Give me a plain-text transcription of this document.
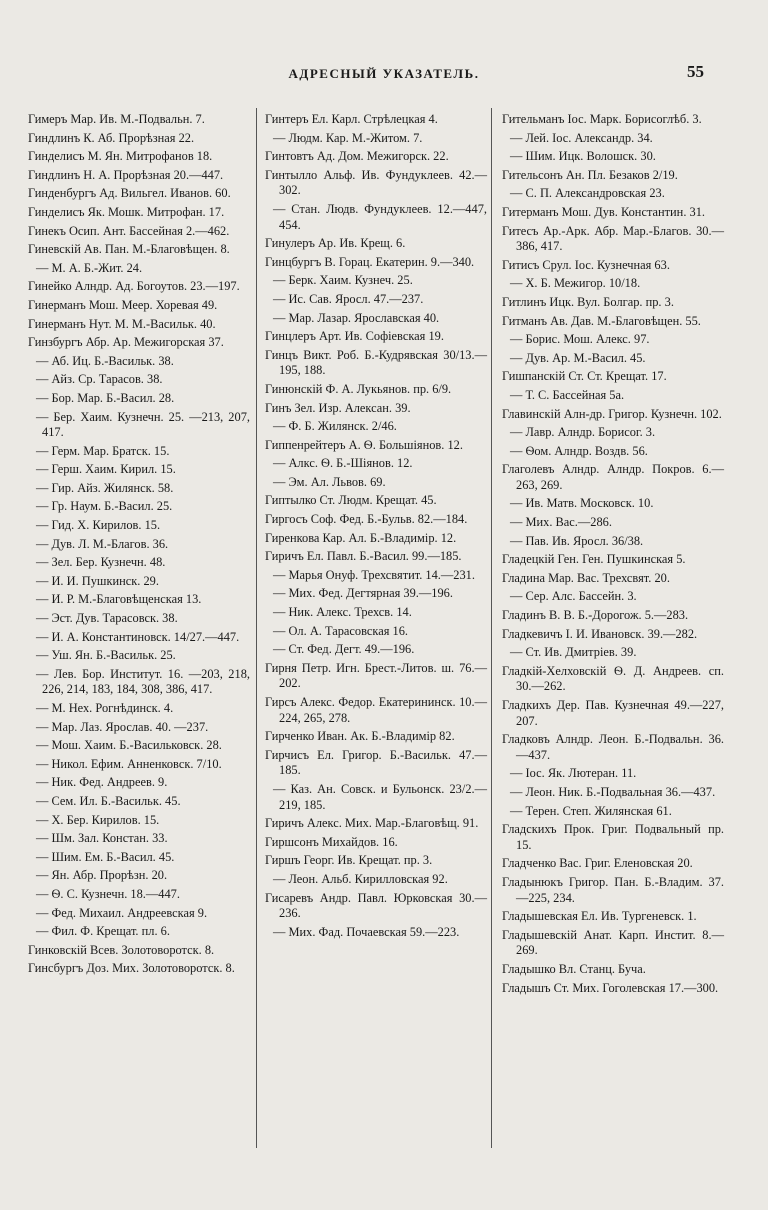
АДРЕСНЫЙ УКАЗАТЕЛЬ.	55
Гимеръ Мар. Ив. М.-Подвальн. 7.
Гиндлинъ К. Аб. Прорѣзная 22.
Гинделисъ М. Ян. Митрофанов 18.
Гиндлинъ Н. А. Прорѣзная 20.—447.
Гинденбургъ Ад. Вильгел. Иванов. 60.
Гинделисъ Як. Мошк. Митрофан. 17.
Гинекъ Осип. Ант. Бассейная 2.—462.
Гиневскій Ав. Пан. М.-Благовѣщен. 8.
— М. А. Б.-Жит. 24.
Гинейко Алндр. Ад. Богоутов. 23.—197.
Гинерманъ Мош. Меер. Хоревая 49.
Гинерманъ Нут. М. М.-Васильк. 40.
Гинзбургъ Абр. Ар. Межигорская 37.
— Аб. Иц. Б.-Васильк. 38.
— Айз. Ср. Тарасов. 38.
— Бор. Мар. Б.-Васил. 28.
— Бер. Хаим. Кузнечн. 25. —213, 207, 417.
— Герм. Мар. Братск. 15.
— Герш. Хаим. Кирил. 15.
— Гир. Айз. Жилянск. 58.
— Гр. Наум. Б.-Васил. 25.
— Гид. Х. Кирилов. 15.
— Дув. Л. М.-Благов. 36.
— Зел. Бер. Кузнечн. 48.
— И. И. Пушкинск. 29.
— И. Р. М.-Благовѣщенская 13.
— Эст. Дув. Тарасовск. 38.
— И. А. Константиновск. 14/27.—447.
— Уш. Ян. Б.-Васильк. 25.
— Лев. Бор. Институт. 16. —203, 218, 226, 214, 183, 184, 308, 386, 417.
— М. Нех. Рогнѣдинск. 4.
— Мар. Лаз. Ярослав. 40. —237.
— Мош. Хаим. Б.-Васильковск. 28.
— Никол. Ефим. Анненковск. 7/10.
— Ник. Фед. Андреев. 9.
— Сем. Ил. Б.-Васильк. 45.
— Х. Бер. Кирилов. 15.
— Шм. Зал. Констан. 33.
— Шим. Ем. Б.-Васил. 45.
— Ян. Абр. Прорѣзн. 20.
— Ѳ. С. Кузнечн. 18.—447.
— Фед. Михаил. Андреевская 9.
— Фил. Ф. Крещат. пл. 6.
Гинковскій Всев. Золотоворотск. 8.
Гинсбургъ Доз. Мих. Золотоворотск. 8.
Гинтеръ Ел. Карл. Стрѣлецкая 4.
— Людм. Кар. М.-Житом. 7.
Гинтовтъ Ад. Дом. Межигорск. 22.
Гинтылло Альф. Ив. Фундуклеев. 42.—302.
— Стан. Людв. Фундуклеев. 12.—447, 454.
Гинулеръ Ар. Ив. Крещ. 6.
Гинцбургъ В. Горац. Екатерин. 9.—340.
— Берк. Хаим. Кузнеч. 25.
— Ис. Сав. Яросл. 47.—237.
— Мар. Лазар. Ярославская 40.
Гинцлеръ Арт. Ив. Софіевская 19.
Гинцъ Викт. Роб. Б.-Кудрявская 30/13.—195, 188.
Гинюнскій Ф. А. Лукьянов. пр. 6/9.
Гинъ Зел. Изр. Алексан. 39.
— Ф. Б. Жилянск. 2/46.
Гиппенрейтеръ А. Ѳ. Большіянов. 12.
— Алкс. Ѳ. Б.-Шіянов. 12.
— Эм. Ал. Львов. 69.
Гиптылко Ст. Людм. Крещат. 45.
Гиргосъ Соф. Фед. Б.-Бульв. 82.—184.
Гиренкова Кар. Ал. Б.-Владимір. 12.
Гиричъ Ел. Павл. Б.-Васил. 99.—185.
— Марья Онуф. Трехсвятит. 14.—231.
— Мих. Фед. Дегтярная 39.—196.
— Ник. Алекс. Трехсв. 14.
— Ол. А. Тарасовская 16.
— Ст. Фед. Дегт. 49.—196.
Гирня Петр. Игн. Брест.-Литов. ш. 76.—202.
Гирсъ Алекс. Федор. Екатерининск. 10.—224, 265, 278.
Гирченко Иван. Ак. Б.-Владимір 82.
Гирчисъ Ел. Григор. Б.-Васильк. 47.—185.
— Каз. Ан. Совск. и Бульонск. 23/2.—219, 185.
Гиричъ Алекс. Мих. Мар.-Благовѣщ. 91.
Гиршсонъ Михайдов. 16.
Гиршъ Георг. Ив. Крещат. пр. 3.
— Леон. Альб. Кирилловская 92.
Гисаревъ Андр. Павл. Юрковская 30.—236.
— Мих. Фад. Почаевская 59.—223.
Гительманъ Іос. Марк. Борисоглѣб. 3.
— Лей. Іос. Александр. 34.
— Шим. Ицк. Волошск. 30.
Гительсонъ Ан. Пл. Безаков 2/19.
— С. П. Александровская 23.
Гитерманъ Мош. Дув. Константин. 31.
Гитесъ Ар.-Арк. Абр. Мар.-Благов. 30.—386, 417.
Гитисъ Срул. Іос. Кузнечная 63.
— Х. Б. Межигор. 10/18.
Гитлинъ Ицк. Вул. Болгар. пр. 3.
Гитманъ Ав. Дав. М.-Благовѣщен. 55.
— Борис. Мош. Алекс. 97.
— Дув. Ар. М.-Васил. 45.
Гишпанскій Ст. Ст. Крещат. 17.
— Т. С. Бассейная 5а.
Главинскій Алн-др. Григор. Кузнечн. 102.
— Лавр. Алндр. Борисог. 3.
— Ѳом. Алндр. Воздв. 56.
Глаголевъ Алндр. Алндр. Покров. 6.—263, 269.
— Ив. Матв. Московск. 10.
— Мих. Вас.—286.
— Пав. Ив. Яросл. 36/38.
Гладецкій Ген. Ген. Пушкинская 5.
Гладина Мар. Вас. Трехсвят. 20.
— Сер. Алс. Бассейн. 3.
Гладинъ В. В. Б.-Дорогож. 5.—283.
Гладкевичъ І. И. Ивановск. 39.—282.
— Ст. Ив. Дмитріев. 39.
Гладкій-Хелховскій Ѳ. Д. Андреев. сп. 30.—262.
Гладкихъ Дер. Пав. Кузнечная 49.—227, 207.
Гладковъ Алндр. Леон. Б.-Подвальн. 36.—437.
— Іос. Як. Лютеран. 11.
— Леон. Ник. Б.-Подвальная 36.—437.
— Терен. Степ. Жилянская 61.
Гладскихъ Прок. Григ. Подвальный пр. 15.
Гладченко Вас. Григ. Еленовская 20.
Гладынюкъ Григор. Пан. Б.-Владим. 37.—225, 234.
Гладышевская Ел. Ив. Тургеневск. 1.
Гладышевскій Анат. Карп. Инстит. 8.—269.
Гладышко Вл. Станц. Буча.
Гладышъ Ст. Мих. Гоголевская 17.—300.
